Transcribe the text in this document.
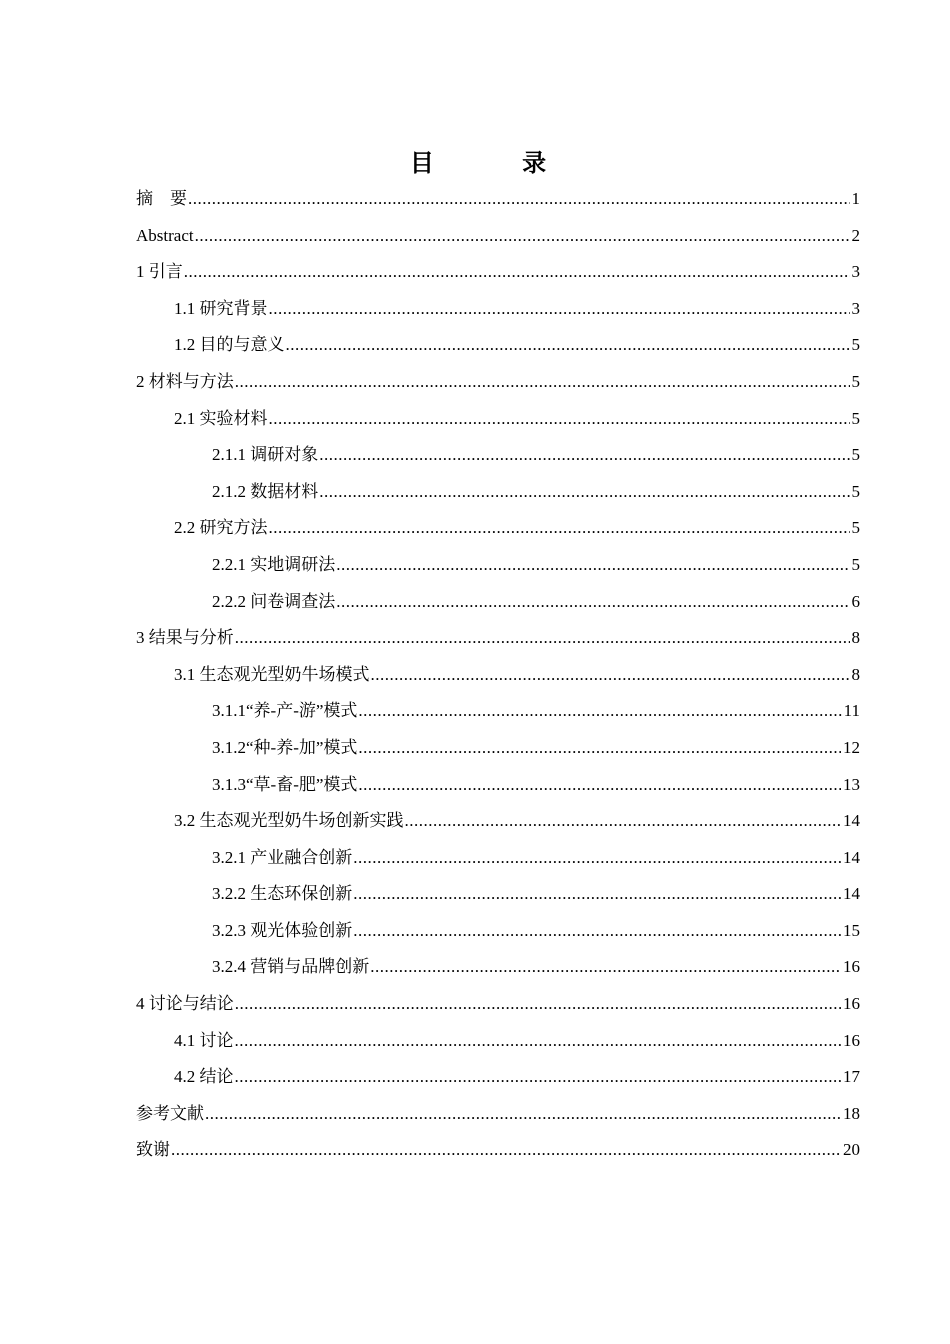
目 录
摘　要 .....	1
Abstract .....	2
1 引言 .....	3
1.1 研究背景 .....	3
1.2 目的与意义 .....	5
2 材料与方法 .....	5
2.1 实验材料 .....	5
2.1.1 调研对象 .....	5
2.1.2 数据材料 .....	5
2.2 研究方法 .....	5
2.2.1 实地调研法 .....	5
2.2.2 问卷调查法 .....	6
3 结果与分析 .....	8
3.1 生态观光型奶牛场模式 .....	8
3.1.1“养-产-游”模式 .....	11
3.1.2“种-养-加”模式 .....	12
3.1.3“草-畜-肥”模式 .....	13
3.2 生态观光型奶牛场创新实践 .....	14
3.2.1 产业融合创新 .....	14
3.2.2 生态环保创新 .....	14
3.2.3 观光体验创新 .....	15
3.2.4 营销与品牌创新 .....	16
4 讨论与结论 .....	16
4.1 讨论 .....	16
4.2 结论 .....	17
参考文献 .....	18
致谢 .....	20
